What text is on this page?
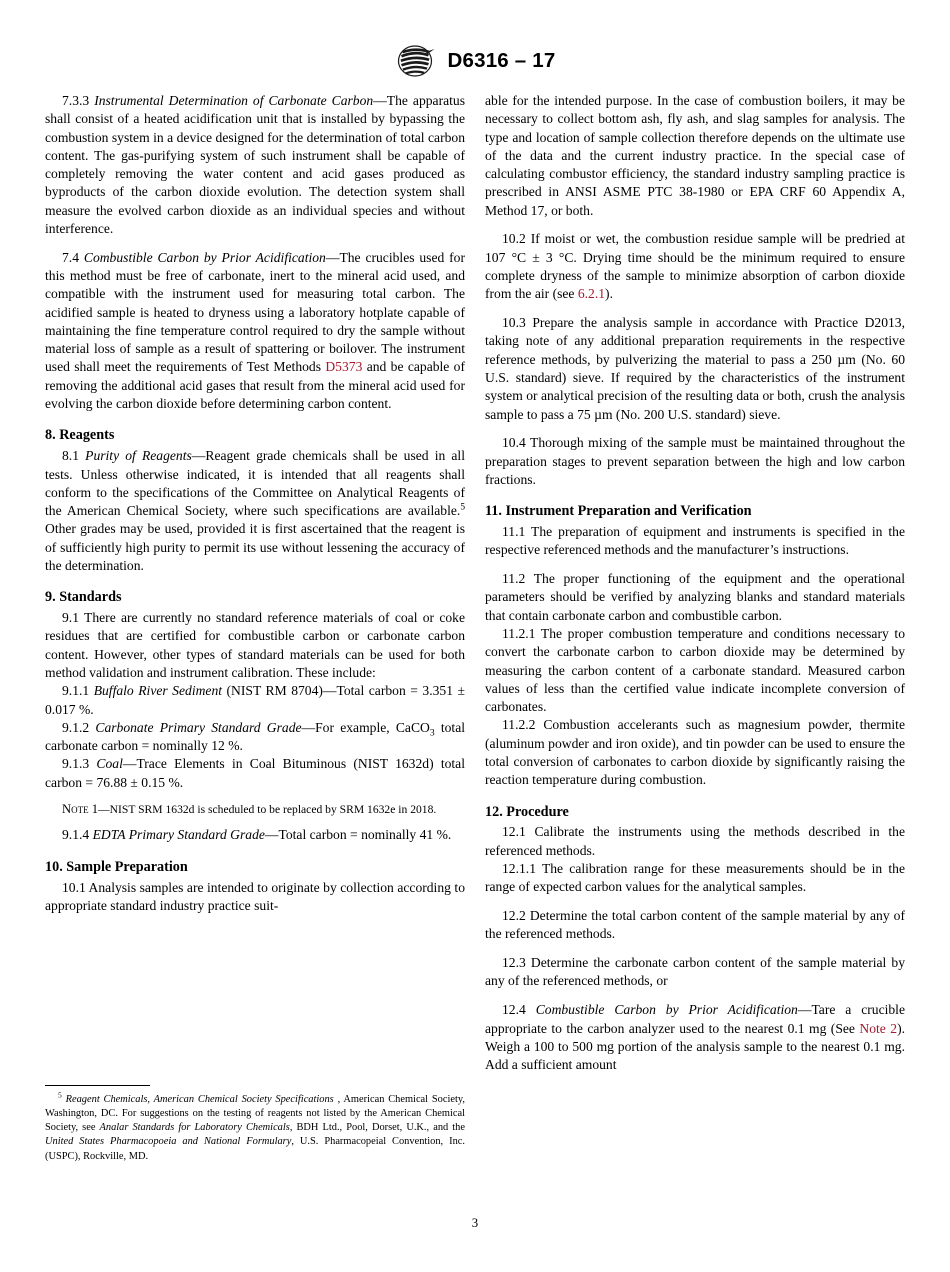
D6316 – 17

7.3.3 Instrumental Determination of Carbonate Carbon—The apparatus shall consist of a heated acidification unit that is installed by bypassing the combustion system in a device designed for the determination of total carbon content. The gas-purifying system of such instrument shall be capable of completely removing the water content and acid gases produced as byproducts of the carbon dioxide evolution. The detection system shall measure the evolved carbon dioxide as an individual species and without interference.

7.4 Combustible Carbon by Prior Acidification—The crucibles used for this method must be free of carbonate, inert to the mineral acid used, and compatible with the instrument used for measuring total carbon. The acidified sample is heated to dryness using a laboratory hotplate capable of maintaining the fine temperature control required to dry the sample without material loss of sample as a result of spattering or boilover. The instrument used shall meet the requirements of Test Methods D5373 and be capable of removing the additional acid gases that result from the mineral acid used for evolving the carbon dioxide before determining carbon content.

8. Reagents

8.1 Purity of Reagents—Reagent grade chemicals shall be used in all tests. Unless otherwise indicated, it is intended that all reagents shall conform to the specifications of the Committee on Analytical Reagents of the American Chemical Society, where such specifications are available.$^5$ Other grades may be used, provided it is first ascertained that the reagent is of sufficiently high purity to permit its use without lessening the accuracy of the determination.

9. Standards

9.1 There are currently no standard reference materials of coal or coke residues that are certified for combustible carbon or carbonate carbon content. However, other types of standard materials can be used for both method validation and instrument calibration. These include:

9.1.1 Buffalo River Sediment (NIST RM 8704)—Total carbon = 3.351 ± 0.017 %.

9.1.2 Carbonate Primary Standard Grade—For example, CaCO$_3$ total carbonate carbon = nominally 12 %.

9.1.3 Coal—Trace Elements in Coal Bituminous (NIST 1632d) total carbon = 76.88 ± 0.15 %.

Note 1—NIST SRM 1632d is scheduled to be replaced by SRM 1632e in 2018.

9.1.4 EDTA Primary Standard Grade—Total carbon = nominally 41 %.

10. Sample Preparation

10.1 Analysis samples are intended to originate by collection according to appropriate standard industry practice suit-

able for the intended purpose. In the case of combustion boilers, it may be necessary to collect bottom ash, fly ash, and slag samples for analysis. The type and location of sample collection therefore depends on the ultimate use of the data and the current industry practice. In the special case of calculating combustor efficiency, the standard industry sampling practice is prescribed in ANSI ASME PTC 38-1980 or EPA CRF 60 Appendix A, Method 17, or both.

10.2 If moist or wet, the combustion residue sample will be predried at 107 °C ± 3 °C. Drying time should be the minimum required to ensure complete dryness of the sample to minimize absorption of carbon dioxide from the air (see 6.2.1).

10.3 Prepare the analysis sample in accordance with Practice D2013, taking note of any additional preparation requirements in the respective reference methods, by pulverizing the material to pass a 250 µm (No. 60 U.S. standard) sieve. If required by the characteristics of the instrument system or analytical precision of the resulting data or both, crush the analysis sample to pass a 75 µm (No. 200 U.S. standard) sieve.

10.4 Thorough mixing of the sample must be maintained throughout the preparation stages to prevent separation between the high and low carbon fractions.

11. Instrument Preparation and Verification

11.1 The preparation of equipment and instruments is specified in the respective referenced methods and the manufacturer’s instructions.

11.2 The proper functioning of the equipment and the operational parameters should be verified by analyzing blanks and standard materials that contain carbonate carbon and combustible carbon.

11.2.1 The proper combustion temperature and conditions necessary to convert the carbonate carbon to carbon dioxide may be determined by measuring the carbon content of a carbonate standard. Measured carbon values of less than the certified value indicate incomplete conversion of carbonates.

11.2.2 Combustion accelerants such as magnesium powder, thermite (aluminum powder and iron oxide), and tin powder can be used to ensure the total conversion of carbonates to carbon dioxide by significantly raising the reaction temperature during combustion.

12. Procedure

12.1 Calibrate the instruments using the methods described in the referenced methods.

12.1.1 The calibration range for these measurements should be in the range of expected carbon values for the analytical samples.

12.2 Determine the total carbon content of the sample material by any of the referenced methods.

12.3 Determine the carbonate carbon content of the sample material by any of the referenced methods, or

12.4 Combustible Carbon by Prior Acidification—Tare a crucible appropriate to the carbon analyzer used to the nearest 0.1 mg (See Note 2). Weigh a 100 to 500 mg portion of the analysis sample to the nearest 0.1 mg. Add a sufficient amount

$^5$ Reagent Chemicals, American Chemical Society Specifications , American Chemical Society, Washington, DC. For suggestions on the testing of reagents not listed by the American Chemical Society, see Analar Standards for Laboratory Chemicals, BDH Ltd., Pool, Dorset, U.K., and the United States Pharmacopoeia and National Formulary, U.S. Pharmacopeial Convention, Inc. (USPC), Rockville, MD.

3
